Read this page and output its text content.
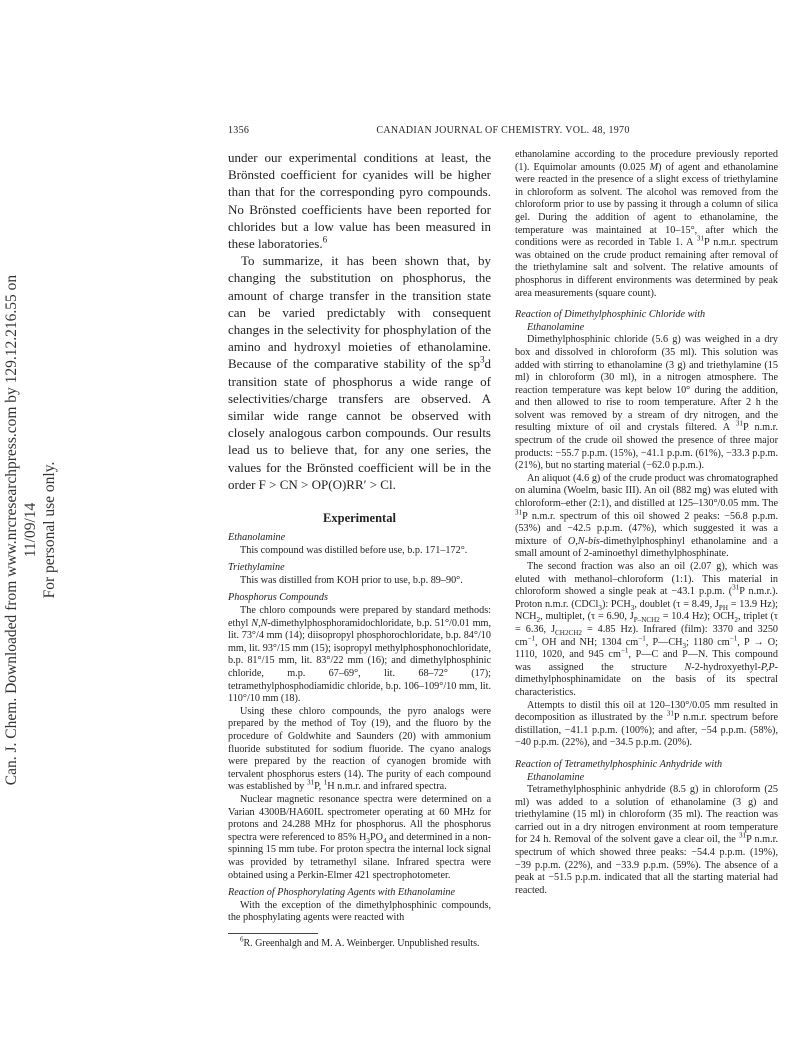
Can. J. Chem. Downloaded from www.nrcresearchpress.com by 129.12.216.55 on 11/09/14 For personal use only.
1356	CANADIAN JOURNAL OF CHEMISTRY. VOL. 48, 1970

under our experimental conditions at least, the Brönsted coefficient for cyanides will be higher than that for the corresponding pyro compounds. No Brönsted coefficients have been reported for chlorides but a low value has been measured in these laboratories.$^6$

To summarize, it has been shown that, by changing the substitution on phosphorus, the amount of charge transfer in the transition state can be varied predictably with consequent changes in the selectivity for phosphylation of the amino and hydroxyl moieties of ethanolamine. Because of the comparative stability of the $sp^3d$ transition state of phosphorus a wide range of selectivities/charge transfers are observed. A similar wide range cannot be observed with closely analogous carbon compounds. Our results lead us to believe that, for any one series, the values for the Brönsted coefficient will be in the order F > CN > OP(O)RR′ > Cl.

Experimental

Ethanolamine

This compound was distilled before use, b.p. 171–172°.

Triethylamine

This was distilled from KOH prior to use, b.p. 89–90°.

Phosphorus Compounds

The chloro compounds were prepared by standard methods: ethyl N,N-dimethylphosphoramidochloridate, b.p. 51°/0.01 mm, lit. 73°/4 mm (14); diisopropyl phosphorochloridate, b.p. 84°/10 mm, lit. 93°/15 mm (15); isopropyl methylphosphonochloridate, b.p. 81°/15 mm, lit. 83°/22 mm (16); and dimethylphosphinic chloride, m.p. 67–69°, lit. 68–72° (17); tetramethylphosphodiamidic chloride, b.p. 106–109°/10 mm, lit. 110°/10 mm (18).

Using these chloro compounds, the pyro analogs were prepared by the method of Toy (19), and the fluoro by the procedure of Goldwhite and Saunders (20) with ammonium fluoride substituted for sodium fluoride. The cyano analogs were prepared by the reaction of cyanogen bromide with tervalent phosphorus esters (14). The purity of each compound was established by $^{31}$P, $^1$H n.m.r. and infrared spectra.

Nuclear magnetic resonance spectra were determined on a Varian 4300B/HA60IL spectrometer operating at 60 MHz for protons and 24.288 MHz for phosphorus. All the phosphorus spectra were referenced to 85% $H_3PO_4$ and determined in a non-spinning 15 mm tube. For proton spectra the internal lock signal was provided by tetramethyl silane. Infrared spectra were obtained using a Perkin-Elmer 421 spectrophotometer.

Reaction of Phosphorylating Agents with Ethanolamine

With the exception of the dimethylphosphinic compounds, the phosphylating agents were reacted with

$^6$R. Greenhalgh and M. A. Weinberger. Unpublished results.

ethanolamine according to the procedure previously reported (1). Equimolar amounts (0.025 M) of agent and ethanolamine were reacted in the presence of a slight excess of triethylamine in chloroform as solvent. The alcohol was removed from the chloroform prior to use by passing it through a column of silica gel. During the addition of agent to ethanolamine, the temperature was maintained at 10–15°, after which the conditions were as recorded in Table 1. A $^{31}$P n.m.r. spectrum was obtained on the crude product remaining after removal of the triethylamine salt and solvent. The relative amounts of phosphorus in different environments was determined by peak area measurements (square count).

Reaction of Dimethylphosphinic Chloride with

Ethanolamine

Dimethylphosphinic chloride (5.6 g) was weighed in a dry box and dissolved in chloroform (35 ml). This solution was added with stirring to ethanolamine (3 g) and triethylamine (15 ml) in chloroform (30 ml), in a nitrogen atmosphere. The reaction temperature was kept below 10° during the addition, and then allowed to rise to room temperature. After 2 h the solvent was removed by a stream of dry nitrogen, and the resulting mixture of oil and crystals filtered. A $^{31}$P n.m.r. spectrum of the crude oil showed the presence of three major products: −55.7 p.p.m. (15%), −41.1 p.p.m. (61%), −33.3 p.p.m. (21%), but no starting material (−62.0 p.p.m.).

An aliquot (4.6 g) of the crude product was chromatographed on alumina (Woelm, basic III). An oil (882 mg) was eluted with chloroform–ether (2:1), and distilled at 125–130°/0.05 mm. The $^{31}$P n.m.r. spectrum of this oil showed 2 peaks: −56.8 p.p.m. (53%) and −42.5 p.p.m. (47%), which suggested it was a mixture of O,N-bis-dimethylphosphinyl ethanolamine and a small amount of 2-aminoethyl dimethylphosphinate.

The second fraction was also an oil (2.07 g), which was eluted with methanol–chloroform (1:1). This material in chloroform showed a single peak at −43.1 p.p.m. ($^{31}$P n.m.r.). Proton n.m.r. (CDCl$_3$): $PCH_3$, doublet (τ = 8.49, $J_{PH} = 13.9$ Hz); $NCH_2$, multiplet, (τ = 6.90, $J_{P-NCH2} = 10.4$ Hz); $OCH_2$, triplet (τ = 6.36, $J_{CH2CH2} = 4.85$ Hz). Infrared (film): 3370 and 3250 $cm^{-1}$, OH and NH; 1304 $cm^{-1}$, $P—CH_3$; 1180 $cm^{-1}$, P → O; 1110, 1020, and 945 $cm^{-1}$, P—C and P—N. This compound was assigned the structure N-2-hydroxyethyl-P,P-dimethylphosphinamidate on the basis of its spectral characteristics.

Attempts to distil this oil at 120–130°/0.05 mm resulted in decomposition as illustrated by the $^{31}$P n.m.r. spectrum before distillation, −41.1 p.p.m. (100%); and after, −54 p.p.m. (58%), −40 p.p.m. (22%), and −34.5 p.p.m. (20%).

Reaction of Tetramethylphosphinic Anhydride with

Ethanolamine

Tetramethylphosphinic anhydride (8.5 g) in chloroform (25 ml) was added to a solution of ethanolamine (3 g) and triethylamine (15 ml) in chloroform (35 ml). The reaction was carried out in a dry nitrogen environment at room temperature for 24 h. Removal of the solvent gave a clear oil, the $^{31}$P n.m.r. spectrum of which showed three peaks: −54.4 p.p.m. (19%), −39 p.p.m. (22%), and −33.9 p.p.m. (59%). The absence of a peak at −51.5 p.p.m. indicated that all the starting material had reacted.
